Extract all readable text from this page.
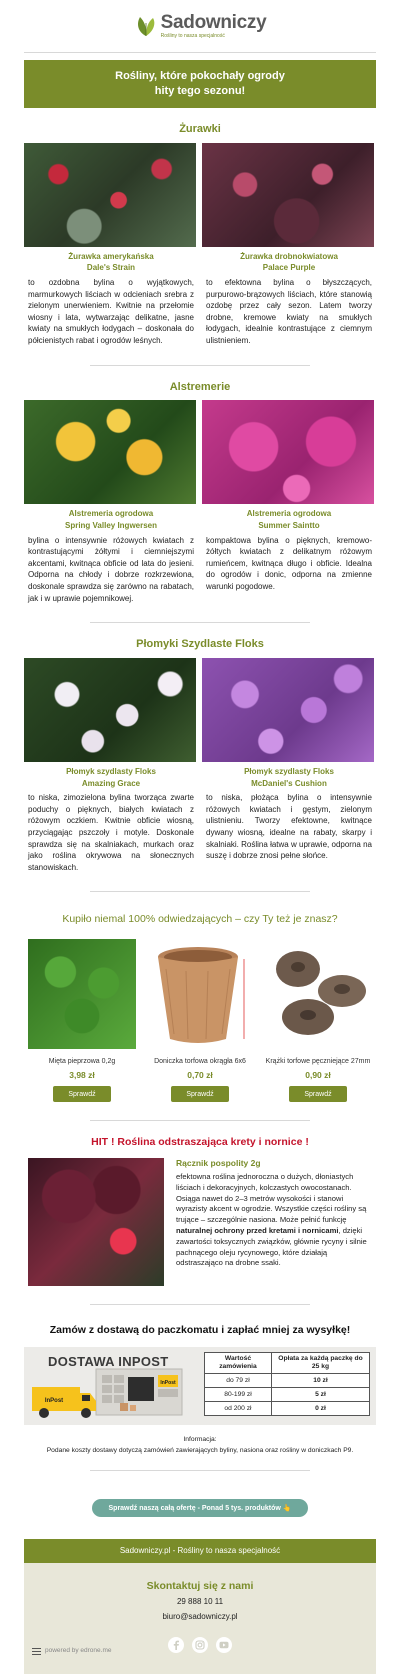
Sadowniczy
Rośliny to nasza specjalność
Rośliny, które pokochały ogrody hity tego sezonu!
Żurawki
Żurawka amerykańska
Dale's Strain
to ozdobna bylina o wyjątkowych, marmurkowych liściach w odcieniach srebra z zielonym unerwieniem. Kwitnie na przełomie wiosny i lata, wytwarzając delikatne, jasne kwiaty na smukłych łodygach – doskonała do półcienistych rabat i ogrodów leśnych.
Żurawka drobnokwiatowa
Palace Purple
to efektowna bylina o błyszczących, purpurowo-brązowych liściach, które stanowią ozdobę przez cały sezon. Latem tworzy drobne, kremowe kwiaty na smukłych łodygach, idealnie kontrastujące z ciemnym ulistnieniem.
Alstremerie
Alstremeria ogrodowa
Spring Valley Ingwersen
bylina o intensywnie różowych kwiatach z kontrastującymi żółtymi i ciemniejszymi akcentami, kwitnąca obficie od lata do jesieni. Odporna na chłody i dobrze rozkrzewiona, doskonale sprawdza się zarówno na rabatach, jak i w uprawie pojemnikowej.
Alstremeria ogrodowa
Summer Saintto
kompaktowa bylina o pięknych, kremowo-żółtych kwiatach z delikatnym różowym rumieńcem, kwitnąca długo i obficie. Idealna do ogrodów i donic, odporna na zmienne warunki pogodowe.
Płomyki Szydlaste Floks
Płomyk szydlasty Floks
Amazing Grace
to niska, zimozielona bylina tworząca zwarte poduchy o pięknych, białych kwiatach z różowym oczkiem. Kwitnie obficie wiosną, przyciągając pszczoły i motyle. Doskonale sprawdza się na skalniakach, murkach oraz jako roślina okrywowa na słonecznych stanowiskach.
Płomyk szydlasty Floks
McDaniel's Cushion
to niska, płożąca bylina o intensywnie różowych kwiatach i gęstym, zielonym ulistnieniu. Tworzy efektowne, kwitnące dywany wiosną, idealne na rabaty, skarpy i skalniaki. Roślina łatwa w uprawie, odporna na suszę i dobrze znosi pełne słońce.
Kupiło niemal 100% odwiedzających – czy Ty też je znasz?
Mięta pieprzowa 0,2g
3,98 zł
Sprawdź
Doniczka torfowa okrągła 6x6
0,70 zł
Sprawdź
Krążki torfowe pęczniejące 27mm
0,90 zł
Sprawdź
HIT ! Roślina odstraszająca krety i nornice !
Rącznik pospolity 2g
efektowna roślina jednoroczna o dużych, dłoniastych liściach i dekoracyjnych, kolczastych owocostanach. Osiąga nawet do 2–3 metrów wysokości i stanowi wyrazisty akcent w ogrodzie. Wszystkie części rośliny są trujące – szczególnie nasiona. Może pełnić funkcję naturalnej ochrony przed kretami i nornicami, dzięki zawartości toksycznych związków, głównie rycyny i silnie pachnącego oleju rycynowego, które działają odstraszająco na drobne ssaki.
Zamów z dostawą do paczkomatu i zapłać mniej za wysyłkę!
DOSTAWA INPOST
InPost
InPost
Wartość zamówienia	Opłata za każdą paczkę do 25 kg
do 79 zł	10 zł
80-199 zł	5 zł
od 200 zł	0 zł
Informacja:
Podane koszty dostawy dotyczą zamówień zawierających byliny, nasiona oraz rośliny w doniczkach P9.
Sprawdź naszą całą ofertę - Ponad 5 tys. produktów 👆
Sadowniczy.pl - Rośliny to nasza specjalność
Skontaktuj się z nami
29 888 10 11
biuro@sadowniczy.pl
powered by edrone.me
